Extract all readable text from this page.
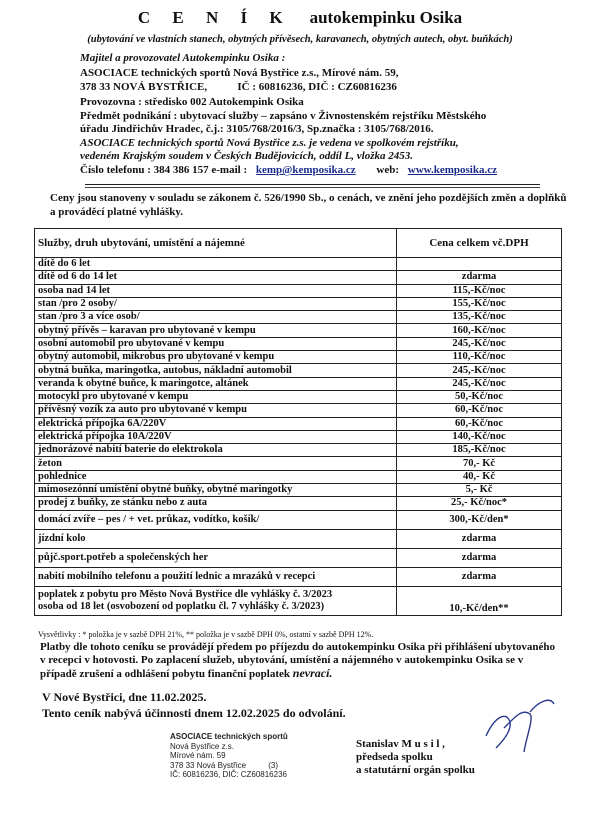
C E N Í K autokempinku Osika
(ubytování ve vlastních stanech, obytných přívěsech, karavanech, obytných autech, obyt. buňkách)
Majitel a provozovatel Autokempinku Osika :
ASOCIACE technických sportů Nová Bystřice z.s., Mírové nám. 59,
378 33 NOVÁ BYSTŘICE,           IČ : 60816236, DIČ : CZ60816236
Provozovna : středisko 002 Autokempink Osika
Předmět podnikání : ubytovací služby – zapsáno v Živnostenském rejstříku Městského
úřadu Jindřichův Hradec, č.j.: 3105/768/2016/3, Sp.značka : 3105/768/2016.
ASOCIACE technických sportů Nová Bystřice z.s. je vedena ve spolkovém rejstříku,
vedeném Krajským soudem v Českých Budějovicích, oddíl L, vložka 2453.
Číslo telefonu : 384 386 157 e-mail : kemp@kemposika.cz web: www.kemposika.cz
Ceny jsou stanoveny v souladu se zákonem č. 526/1990 Sb., o cenách, ve znění jeho pozdějších změn a doplňků a prováděcí platné vyhlášky.
Služby, druh ubytování, umístění a nájemné	Cena celkem vč.DPH
dítě do 6 let	
dítě od 6 do 14 let	zdarma
osoba nad 14 let	115,-Kč/noc
stan /pro 2 osoby/	155,-Kč/noc
stan /pro 3 a více osob/	135,-Kč/noc
obytný přívěs – karavan pro ubytované v kempu	160,-Kč/noc
osobní automobil pro ubytované v kempu	245,-Kč/noc
obytný automobil, mikrobus pro ubytované v kempu	110,-Kč/noc
obytná buňka, maringotka, autobus, nákladní automobil	245,-Kč/noc
veranda k obytné buňce, k maringotce, altánek	245,-Kč/noc
motocykl pro ubytované v kempu	50,-Kč/noc
přívěsný vozík za auto pro ubytované v kempu	60,-Kč/noc
elektrická přípojka 6A/220V	60,-Kč/noc
elektrická přípojka 10A/220V	140,-Kč/noc
jednorázové nabití baterie do elektrokola	185,-Kč/noc
žeton	70,- Kč
pohlednice	40,- Kč
mimosezónní umístění obytné buňky, obytné maringotky	5,- Kč
prodej z buňky, ze stánku nebo z auta	25,- Kč/noc*
domácí zvíře – pes / + vet. průkaz, vodítko, košík/	300,-Kč/den*
jízdní kolo	zdarma
půjč.sport.potřeb a společenských her	zdarma
nabití mobilního telefonu a použití lednic a mrazáků v recepci	zdarma

poplatek z pobytu pro Město Nová Bystřice dle vyhlášky č. 3/2023
osoba od 18 let (osvobození od poplatku čl. 7 vyhlášky č. 3/2023)	10,-Kč/den**
Vysvětlivky : * položka je v sazbě DPH 21%, ** položka je v sazbě DPH 0%, ostatní v sazbě DPH 12%.
Platby dle tohoto ceníku se provádějí předem po příjezdu do autokempinku Osika při přihlášení ubytovaného v recepci v hotovosti. Po zaplacení služeb, ubytování, umístění a nájemného v autokempinku Osika se v případě zrušení a odhlášení pobytu finanční poplatek nevrací.
V Nové Bystřici, dne 11.02.2025.
Tento ceník nabývá účinnosti dnem 12.02.2025 do odvolání.
ASOCIACE technických sportů
Nová Bystřice z.s.
Mírové nám. 59
378 33 Nová Bystřice          (3)
IČ: 60816236, DIČ: CZ60816236
Stanislav M u s i l ,
předseda spolku
a statutární orgán spolku
